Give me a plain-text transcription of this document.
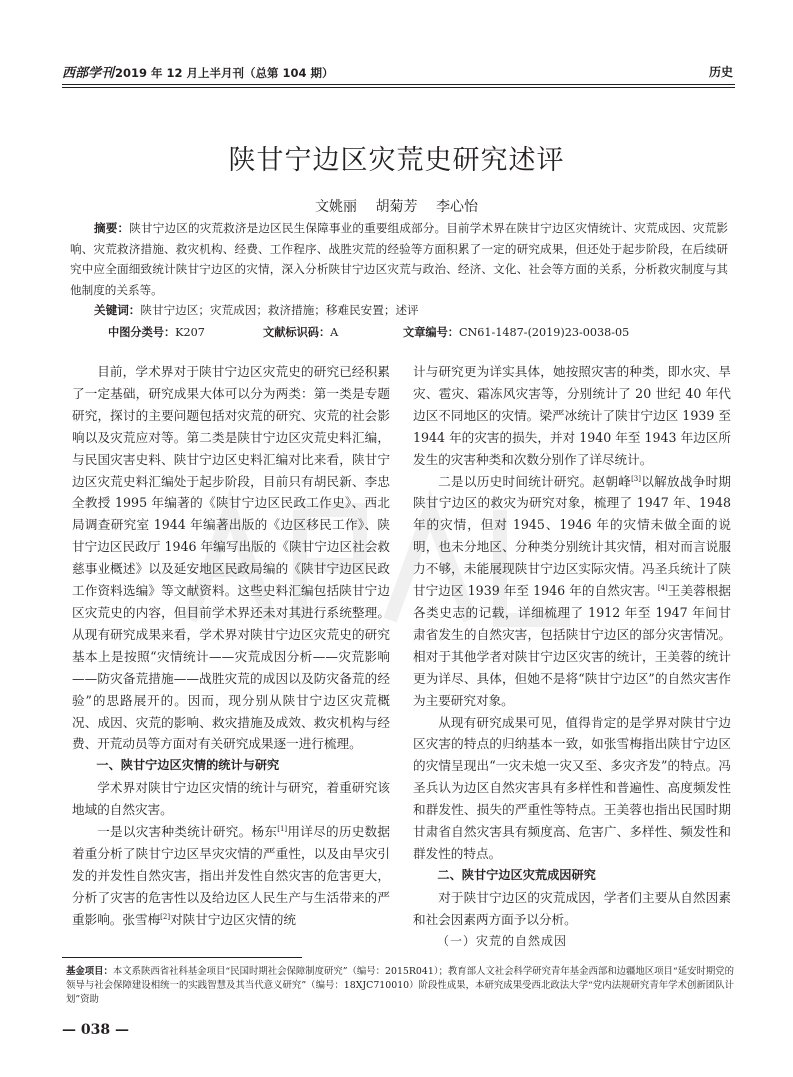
西部学刊2019 年 12 月上半月刊（总第 104 期）	历史
陕甘宁边区灾荒史研究述评
文姚丽 胡菊芳 李心怡
摘要：陕甘宁边区的灾荒救济是边区民生保障事业的重要组成部分。目前学术界在陕甘宁边区灾情统计、灾荒成因、灾荒影响、灾荒救济措施、救灾机构、经费、工作程序、战胜灾荒的经验等方面积累了一定的研究成果，但还处于起步阶段，在后续研究中应全面细致统计陕甘宁边区的灾情，深入分析陕甘宁边区灾荒与政治、经济、文化、社会等方面的关系，分析救灾制度与其他制度的关系等。
关键词：陕甘宁边区；灾荒成因；救济措施；移难民安置；述评
中图分类号：K207	文献标识码：A	文章编号：CN61-1487-(2019)23-0038-05

目前，学术界对于陕甘宁边区灾荒史的研究已经积累了一定基础，研究成果大体可以分为两类：第一类是专题研究，探讨的主要问题包括对灾荒的研究、灾荒的社会影响以及灾荒应对等。第二类是陕甘宁边区灾荒史料汇编，与民国灾害史料、陕甘宁边区史料汇编对比来看，陕甘宁边区灾荒史料汇编处于起步阶段，目前只有胡民新、李忠全教授 1995 年编著的《陕甘宁边区民政工作史》、西北局调查研究室 1944 年编著出版的《边区移民工作》、陕甘宁边区民政厅 1946 年编写出版的《陕甘宁边区社会救慈事业概述》以及延安地区民政局编的《陕甘宁边区民政工作资料选编》等文献资料。这些史料汇编包括陕甘宁边区灾荒史的内容，但目前学术界还未对其进行系统整理。从现有研究成果来看，学术界对陕甘宁边区灾荒史的研究基本上是按照“灾情统计——灾荒成因分析——灾荒影响——防灾备荒措施——战胜灾荒的成因以及防灾备荒的经验”的思路展开的。因而，现分别从陕甘宁边区灾荒概况、成因、灾荒的影响、救灾措施及成效、救灾机构与经费、开荒动员等方面对有关研究成果逐一进行梳理。

一、陕甘宁边区灾情的统计与研究

学术界对陕甘宁边区灾情的统计与研究，着重研究该地域的自然灾害。

一是以灾害种类统计研究。杨东[1]用详尽的历史数据着重分析了陕甘宁边区旱灾灾情的严重性，以及由旱灾引发的并发性自然灾害，指出并发性自然灾害的危害更大，分析了灾害的危害性以及给边区人民生产与生活带来的严重影响。张雪梅[2]对陕甘宁边区灾情的统

计与研究更为详实具体，她按照灾害的种类，即水灾、旱灾、雹灾、霜冻风灾害等，分别统计了 20 世纪 40 年代边区不同地区的灾情。梁严冰统计了陕甘宁边区 1939 至 1944 年的灾害的损失，并对 1940 年至 1943 年边区所发生的灾害种类和次数分别作了详尽统计。

二是以历史时间统计研究。赵朝峰[3]以解放战争时期陕甘宁边区的救灾为研究对象，梳理了 1947 年、1948 年的灾情，但对 1945、1946 年的灾情未做全面的说明，也未分地区、分种类分别统计其灾情，相对而言说服力不够，未能展现陕甘宁边区实际灾情。冯圣兵统计了陕甘宁边区 1939 年至 1946 年的自然灾害。[4]王美蓉根据各类史志的记载，详细梳理了 1912 年至 1947 年间甘肃省发生的自然灾害，包括陕甘宁边区的部分灾害情况。相对于其他学者对陕甘宁边区灾害的统计，王美蓉的统计更为详尽、具体，但她不是将“陕甘宁边区”的自然灾害作为主要研究对象。

从现有研究成果可见，值得肯定的是学界对陕甘宁边区灾害的特点的归纳基本一致，如张雪梅指出陕甘宁边区的灾情呈现出“一灾未熄一灾又至、多灾齐发”的特点。冯圣兵认为边区自然灾害具有多样性和普遍性、高度频发性和群发性、损失的严重性等特点。王美蓉也指出民国时期甘肃省自然灾害具有频度高、危害广、多样性、频发性和群发性的特点。

二、陕甘宁边区灾荒成因研究

对于陕甘宁边区的灾荒成因，学者们主要从自然因素和社会因素两方面予以分析。

（一）灾荒的自然成因
基金项目：本文系陕西省社科基金项目“民国时期社会保障制度研究”（编号：2015R041）；教育部人文社会科学研究青年基金西部和边疆地区项目“延安时期党的领导与社会保障建设相统一的实践智慧及其当代意义研究”（编号：18XJC710010）阶段性成果，本研究成果受西北政法大学“党内法规研究青年学术创新团队计划”资助
— 038 —
